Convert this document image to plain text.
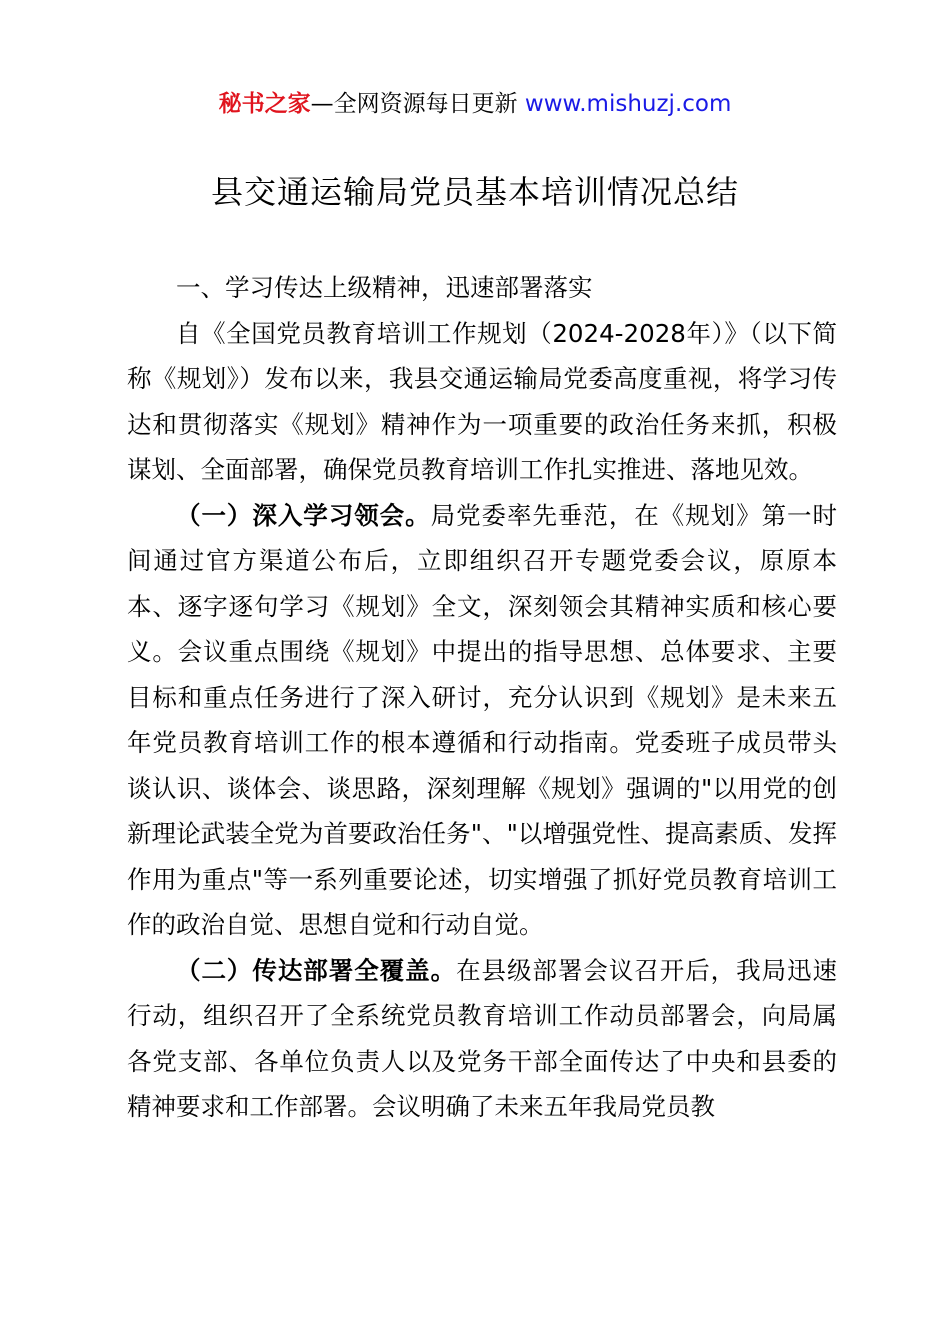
秘书之家—全网资源每日更新 www.mishuzj.com
县交通运输局党员基本培训情况总结

一、学习传达上级精神，迅速部署落实

自《全国党员教育培训工作规划（2024-2028年）》（以下简称《规划》）发布以来，我县交通运输局党委高度重视，将学习传达和贯彻落实《规划》精神作为一项重要的政治任务来抓，积极谋划、全面部署，确保党员教育培训工作扎实推进、落地见效。

（一）深入学习领会。局党委率先垂范，在《规划》第一时间通过官方渠道公布后，立即组织召开专题党委会议，原原本本、逐字逐句学习《规划》全文，深刻领会其精神实质和核心要义。会议重点围绕《规划》中提出的指导思想、总体要求、主要目标和重点任务进行了深入研讨，充分认识到《规划》是未来五年党员教育培训工作的根本遵循和行动指南。党委班子成员带头谈认识、谈体会、谈思路，深刻理解《规划》强调的"以用党的创新理论武装全党为首要政治任务"、"以增强党性、提高素质、发挥作用为重点"等一系列重要论述，切实增强了抓好党员教育培训工作的政治自觉、思想自觉和行动自觉。

（二）传达部署全覆盖。在县级部署会议召开后，我局迅速行动，组织召开了全系统党员教育培训工作动员部署会，向局属各党支部、各单位负责人以及党务干部全面传达了中央和县委的精神要求和工作部署。会议明确了未来五年我局党员教
